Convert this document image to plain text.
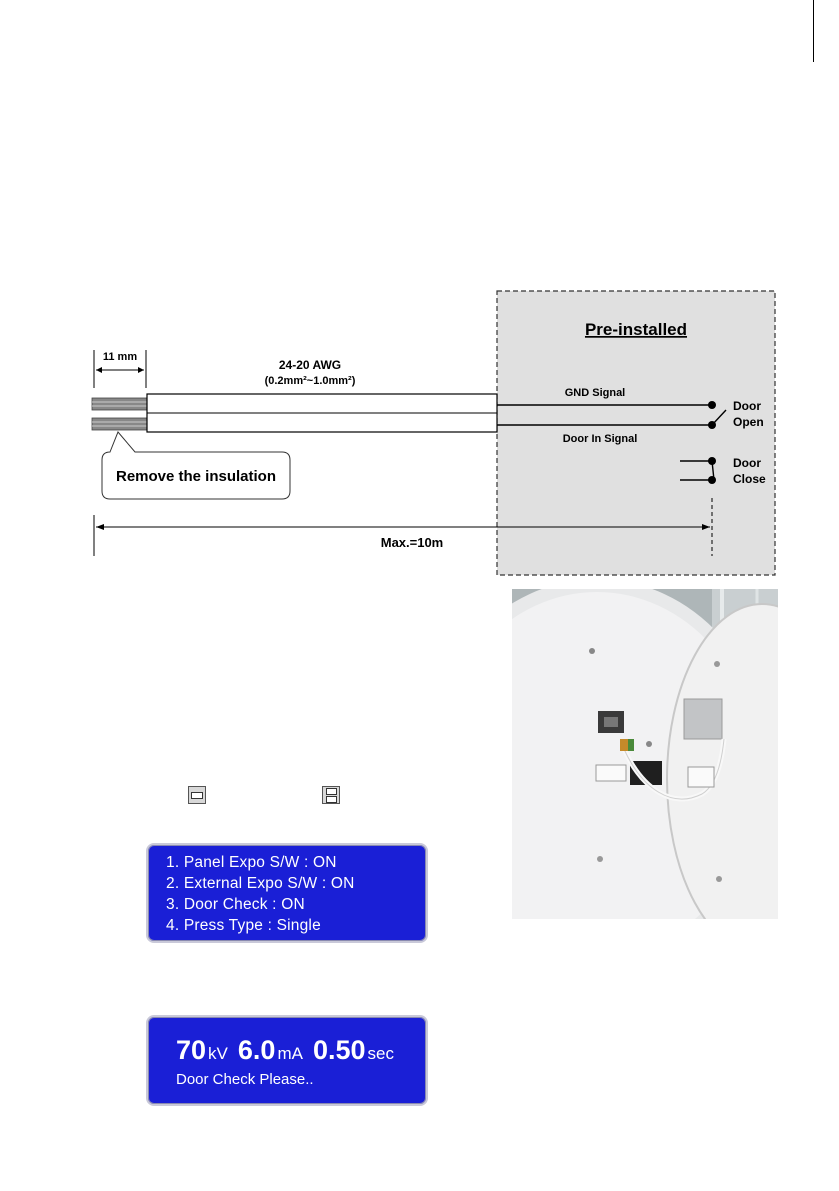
Pre-installed
11 mm
24-20 AWG
(0.2mm²~1.0mm²)
GND Signal
Door In Signal
Door
Open
Door
Close
Remove the insulation
Max.=10m
1. Panel Expo S/W : ON
2. External Expo S/W : ON
3. Door Check : ON
4. Press Type : Single
70 kV 6.0 mA 0.50 sec
Door Check Please..
